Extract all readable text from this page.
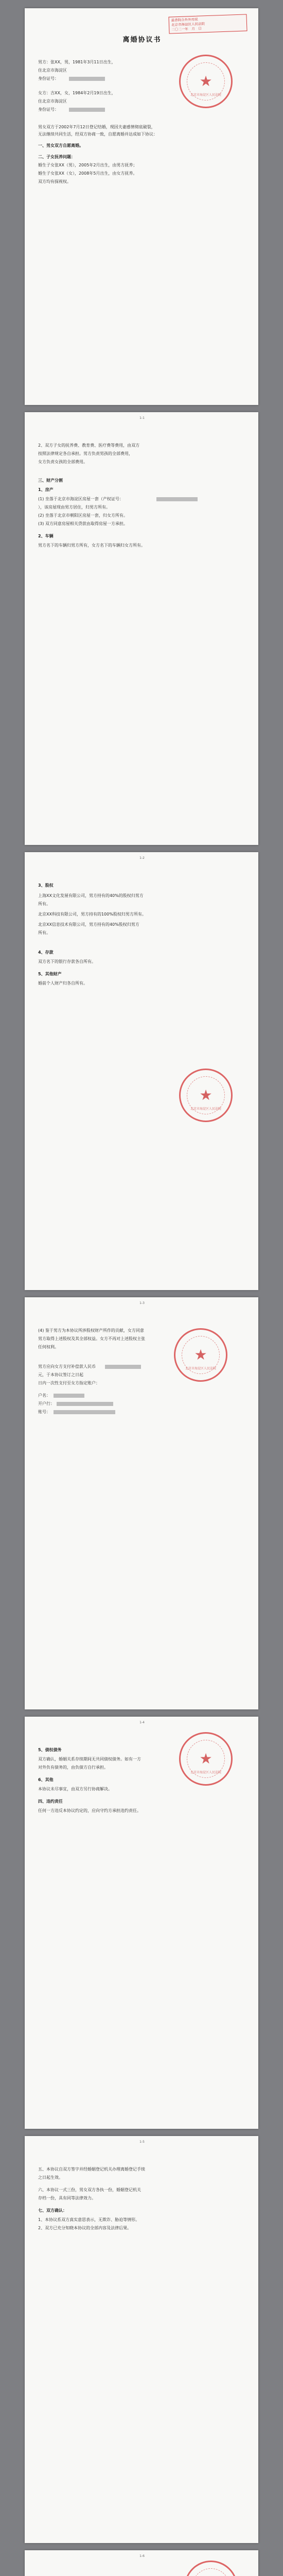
最香院合外外用说
北京市海淀区人民法院
二〇二一年　月　日
离婚协议书
男方：张XX，男，1981年3月11日出生，
住北京市海淀区
身份证号：
女方：吉XX，女，1984年2月19日出生，
住北京市海淀区
身份证号：
男女双方于2002年7月12日登记结婚，现因夫妻感情彻底破裂，
无法继续共同生活，经双方协商一致，自愿离婚并达成如下协议：
一、男女双方自愿离婚。
二、子女抚养问题：
婚生子女张XX（男），2005年2月出生，由男方抚养；
婚生子女张XX（女），2008年5月出生，由女方抚养。
双方均有探视权。
★
北京市海淀区人民法院
1-1
2、双方子女的抚养费、教育费、医疗费等费用，由双方
按照法律规定各自承担。男方负责男孩的全部费用，
女方负责女孩的全部费用。
三、财产分割
1、房产
(1) 坐落于北京市海淀区房屋一套（产权证号：
），该房屋现由男方居住，归男方所有。
(2) 坐落于北京市朝阳区房屋一套，归女方所有。
(3) 双方同意房屋相关贷款由取得房屋一方承担。
2、车辆
男方名下的车辆归男方所有，女方名下的车辆归女方所有。
1-2
3、股权
上海XX文化发展有限公司，男方持有的40%的股权归男方
所有。
北京XX科技有限公司，男方持有的100%股权归男方所有。
北京XX信息技术有限公司，男方持有的40%股权归男方
所有。
4、存款
双方名下的银行存款各自所有。
5、其他财产
婚前个人财产归各自所有。
★
北京市海淀区人民法院
1-3
(4) 鉴于男方为本协议所涉股权财产所作的贡献，女方同意
男方取得上述股权及其全部权益。女方不再对上述股权主张
任何权利。
男方应向女方支付补偿款人民币
元，于本协议签订之日起
日内一次性支付至女方指定账户：
户名：
开户行：
账号：
★
北京市海淀区人民法院
1-4
5、债权债务
双方确认，婚姻关系存续期间无共同债权债务。如有一方
对外负有债务的，由负债方自行承担。
6、其他
本协议未尽事宜，由双方另行协商解决。
四、违约责任
任何一方违反本协议约定的，应向守约方承担违约责任。
★
北京市海淀区人民法院
1-5
五、本协议自双方签字并经婚姻登记机关办理离婚登记手续
之日起生效。
六、本协议一式三份，男女双方各执一份，婚姻登记机关
存档一份，具有同等法律效力。
七、双方确认：
1、本协议系双方真实意思表示，无欺诈、胁迫等情形。
2、双方已充分知晓本协议的全部内容及法律后果。
1-6
